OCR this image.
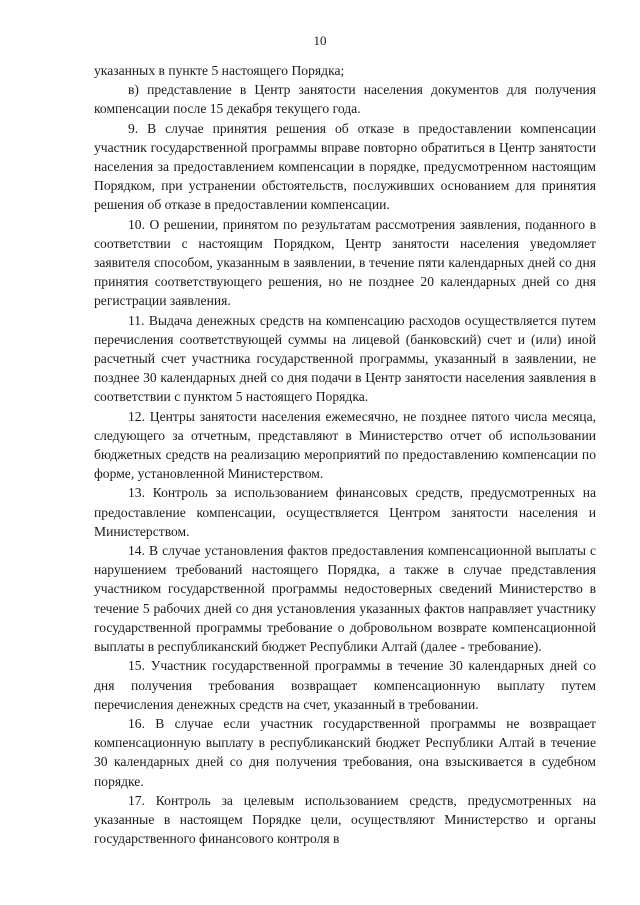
10

указанных в пункте 5 настоящего Порядка;

в) представление в Центр занятости населения документов для получения компенсации после 15 декабря текущего года.

9. В случае принятия решения об отказе в предоставлении компенсации участник государственной программы вправе повторно обратиться в Центр занятости населения за предоставлением компенсации в порядке, предусмотренном настоящим Порядком, при устранении обстоятельств, послуживших основанием для принятия решения об отказе в предоставлении компенсации.

10. О решении, принятом по результатам рассмотрения заявления, поданного в соответствии с настоящим Порядком, Центр занятости населения уведомляет заявителя способом, указанным в заявлении, в течение пяти календарных дней со дня принятия соответствующего решения, но не позднее 20 календарных дней со дня регистрации заявления.

11. Выдача денежных средств на компенсацию расходов осуществляется путем перечисления соответствующей суммы на лицевой (банковский) счет и (или) иной расчетный счет участника государственной программы, указанный в заявлении, не позднее 30 календарных дней со дня подачи в Центр занятости населения заявления в соответствии с пунктом 5 настоящего Порядка.

12. Центры занятости населения ежемесячно, не позднее пятого числа месяца, следующего за отчетным, представляют в Министерство отчет об использовании бюджетных средств на реализацию мероприятий по предоставлению компенсации по форме, установленной Министерством.

13. Контроль за использованием финансовых средств, предусмотренных на предоставление компенсации, осуществляется Центром занятости населения и Министерством.

14. В случае установления фактов предоставления компенсационной выплаты с нарушением требований настоящего Порядка, а также в случае представления участником государственной программы недостоверных сведений Министерство в течение 5 рабочих дней со дня установления указанных фактов направляет участнику государственной программы требование о добровольном возврате компенсационной выплаты в республиканский бюджет Республики Алтай (далее - требование).

15. Участник государственной программы в течение 30 календарных дней со дня получения требования возвращает компенсационную выплату путем перечисления денежных средств на счет, указанный в требовании.

16. В случае если участник государственной программы не возвращает компенсационную выплату в республиканский бюджет Республики Алтай в течение 30 календарных дней со дня получения требования, она взыскивается в судебном порядке.

17. Контроль за целевым использованием средств, предусмотренных на указанные в настоящем Порядке цели, осуществляют Министерство и органы государственного финансового контроля в
